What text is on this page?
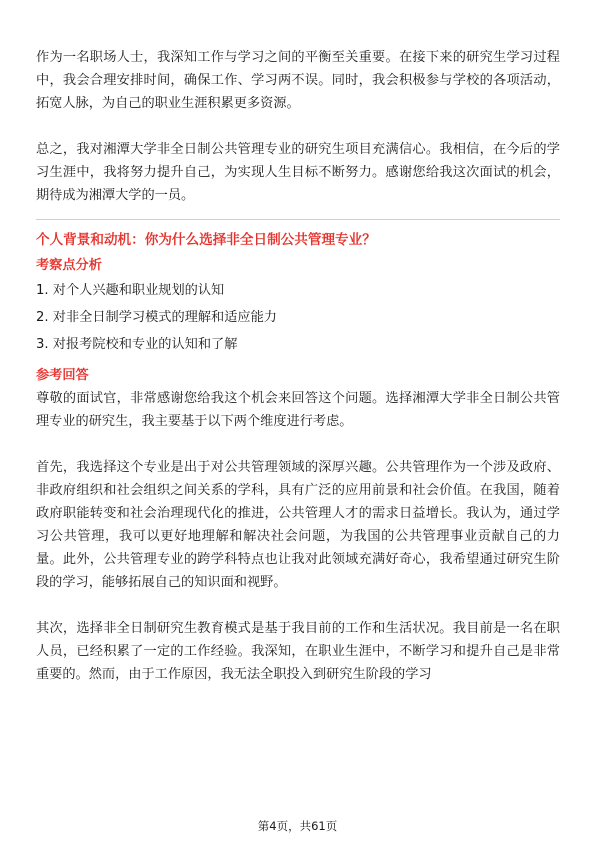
作为一名职场人士，我深知工作与学习之间的平衡至关重要。在接下来的研究生学习过程中，我会合理安排时间，确保工作、学习两不误。同时，我会积极参与学校的各项活动，拓宽人脉，为自己的职业生涯积累更多资源。

总之，我对湘潭大学非全日制公共管理专业的研究生项目充满信心。我相信，在今后的学习生涯中，我将努力提升自己，为实现人生目标不断努力。感谢您给我这次面试的机会，期待成为湘潭大学的一员。

个人背景和动机：你为什么选择非全日制公共管理专业？
考察点分析
1. 对个人兴趣和职业规划的认知
2. 对非全日制学习模式的理解和适应能力
3. 对报考院校和专业的认知和了解
参考回答

尊敬的面试官，非常感谢您给我这个机会来回答这个问题。选择湘潭大学非全日制公共管理专业的研究生，我主要基于以下两个维度进行考虑。

首先，我选择这个专业是出于对公共管理领域的深厚兴趣。公共管理作为一个涉及政府、非政府组织和社会组织之间关系的学科，具有广泛的应用前景和社会价值。在我国，随着政府职能转变和社会治理现代化的推进，公共管理人才的需求日益增长。我认为，通过学习公共管理，我可以更好地理解和解决社会问题，为我国的公共管理事业贡献自己的力量。此外，公共管理专业的跨学科特点也让我对此领域充满好奇心，我希望通过研究生阶段的学习，能够拓展自己的知识面和视野。

其次，选择非全日制研究生教育模式是基于我目前的工作和生活状况。我目前是一名在职人员，已经积累了一定的工作经验。我深知，在职业生涯中，不断学习和提升自己是非常重要的。然而，由于工作原因，我无法全职投入到研究生阶段的学习

第4页，共61页
